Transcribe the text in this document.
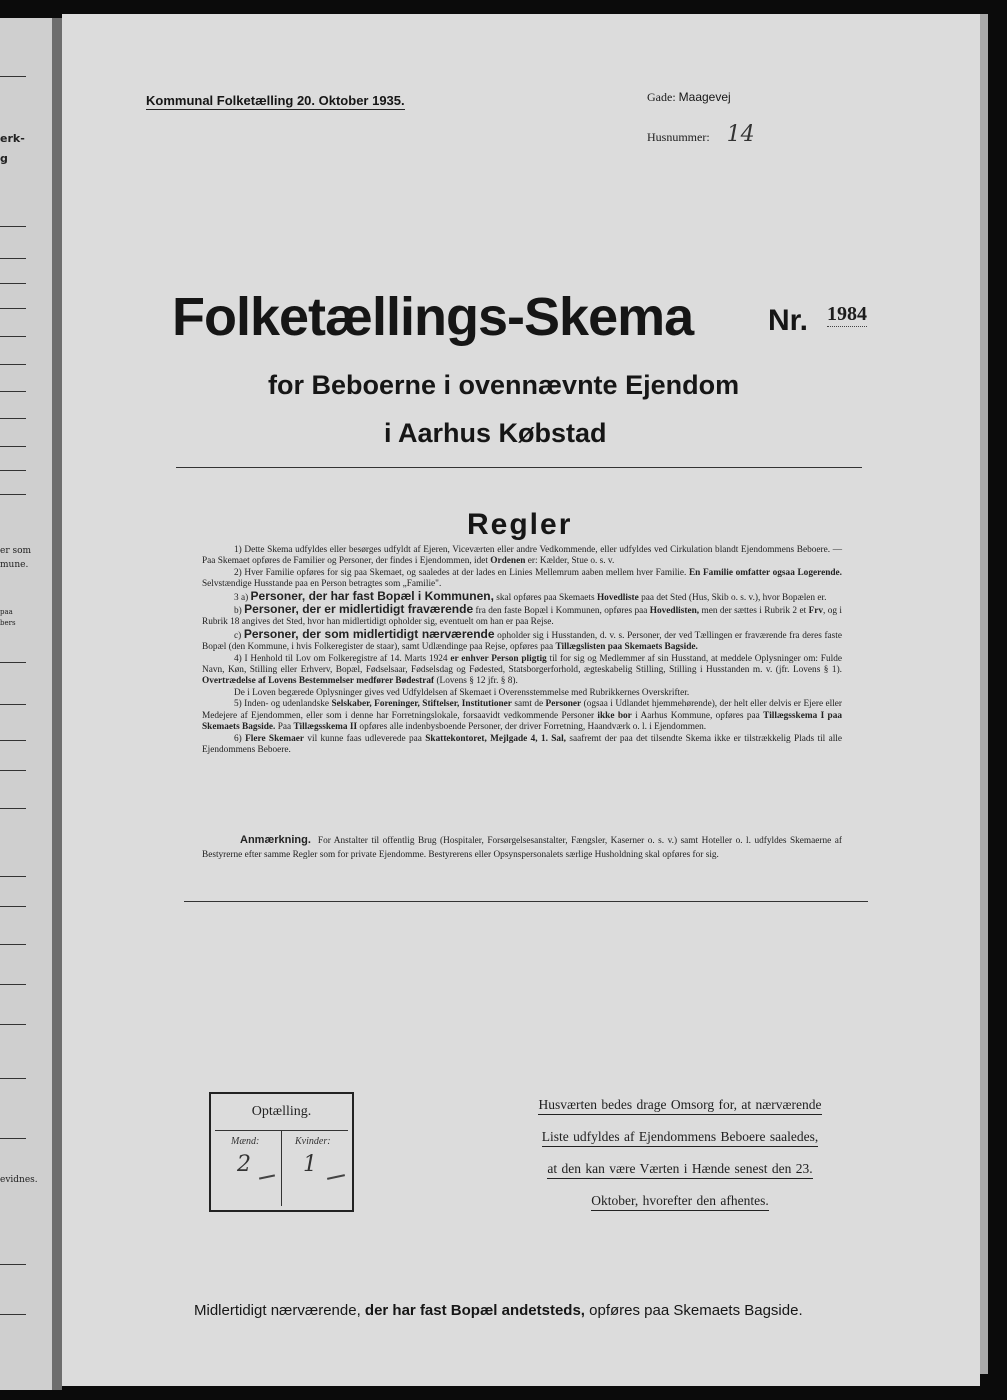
erk-
g
er som
mune.
paa
bers
evidnes.
Kommunal Folketælling 20. Oktober 1935.	Gade: Maagevej
Husnummer: 14
Folketællings-Skema Nr. 1984
for Beboerne i ovennævnte Ejendom
i Aarhus Købstad
Regler

1) Dette Skema udfyldes eller besørges udfyldt af Ejeren, Viceværten eller andre Vedkommende, eller udfyldes ved Cirkulation blandt Ejendommens Beboere. — Paa Skemaet opføres de Familier og Personer, der findes i Ejendommen, idet Ordenen er: Kælder, Stue o. s. v.

2) Hver Familie opføres for sig paa Skemaet, og saaledes at der lades en Linies Mellemrum aaben mellem hver Familie. En Familie omfatter ogsaa Logerende. Selvstændige Husstande paa en Person betragtes som „Familie".

3 a) Personer, der har fast Bopæl i Kommunen, skal opføres paa Skemaets Hovedliste paa det Sted (Hus, Skib o. s. v.), hvor Bopælen er.

b) Personer, der er midlertidigt fraværende fra den faste Bopæl i Kommunen, opføres paa Hovedlisten, men der sættes i Rubrik 2 et Frv, og i Rubrik 18 angives det Sted, hvor han midlertidigt opholder sig, eventuelt om han er paa Rejse.

c) Personer, der som midlertidigt nærværende opholder sig i Husstanden, d. v. s. Personer, der ved Tællingen er fraværende fra deres faste Bopæl (den Kommune, i hvis Folkeregister de staar), samt Udlændinge paa Rejse, opføres paa Tillægslisten paa Skemaets Bagside.

4) I Henhold til Lov om Folkeregistre af 14. Marts 1924 er enhver Person pligtig til for sig og Medlemmer af sin Husstand, at meddele Oplysninger om: Fulde Navn, Køn, Stilling eller Erhverv, Bopæl, Fødselsaar, Fødselsdag og Fødested, Statsborgerforhold, ægteskabelig Stilling, Stilling i Husstanden m. v. (jfr. Lovens § 1). Overtrædelse af Lovens Bestemmelser medfører Bødestraf (Lovens § 12 jfr. § 8).

De i Loven begærede Oplysninger gives ved Udfyldelsen af Skemaet i Overensstemmelse med Rubrikkernes Overskrifter.

5) Inden- og udenlandske Selskaber, Foreninger, Stiftelser, Institutioner samt de Personer (ogsaa i Udlandet hjemmehørende), der helt eller delvis er Ejere eller Medejere af Ejendommen, eller som i denne har Forretningslokale, forsaavidt vedkommende Personer ikke bor i Aarhus Kommune, opføres paa Tillægsskema I paa Skemaets Bagside. Paa Tillægsskema II opføres alle indenbysboende Personer, der driver Forretning, Haandværk o. l. i Ejendommen.

6) Flere Skemaer vil kunne faas udleverede paa Skattekontoret, Mejlgade 4, 1. Sal, saafremt der paa det tilsendte Skema ikke er tilstrækkelig Plads til alle Ejendommens Beboere.

Anmærkning. For Anstalter til offentlig Brug (Hospitaler, Forsørgelsesanstalter, Fængsler, Kaserner o. s. v.) samt Hoteller o. l. udfyldes Skemaerne af Bestyrerne efter samme Regler som for private Ejendomme. Bestyrerens eller Opsynspersonalets særlige Husholdning skal opføres for sig.
Optælling.
Mænd:	Kvinder:
2 1
Husværten bedes drage Omsorg for, at nærværende
Liste udfyldes af Ejendommens Beboere saaledes,
at den kan være Værten i Hænde senest den 23.
Oktober, hvorefter den afhentes.
Midlertidigt nærværende, der har fast Bopæl andetsteds, opføres paa Skemaets Bagside.
